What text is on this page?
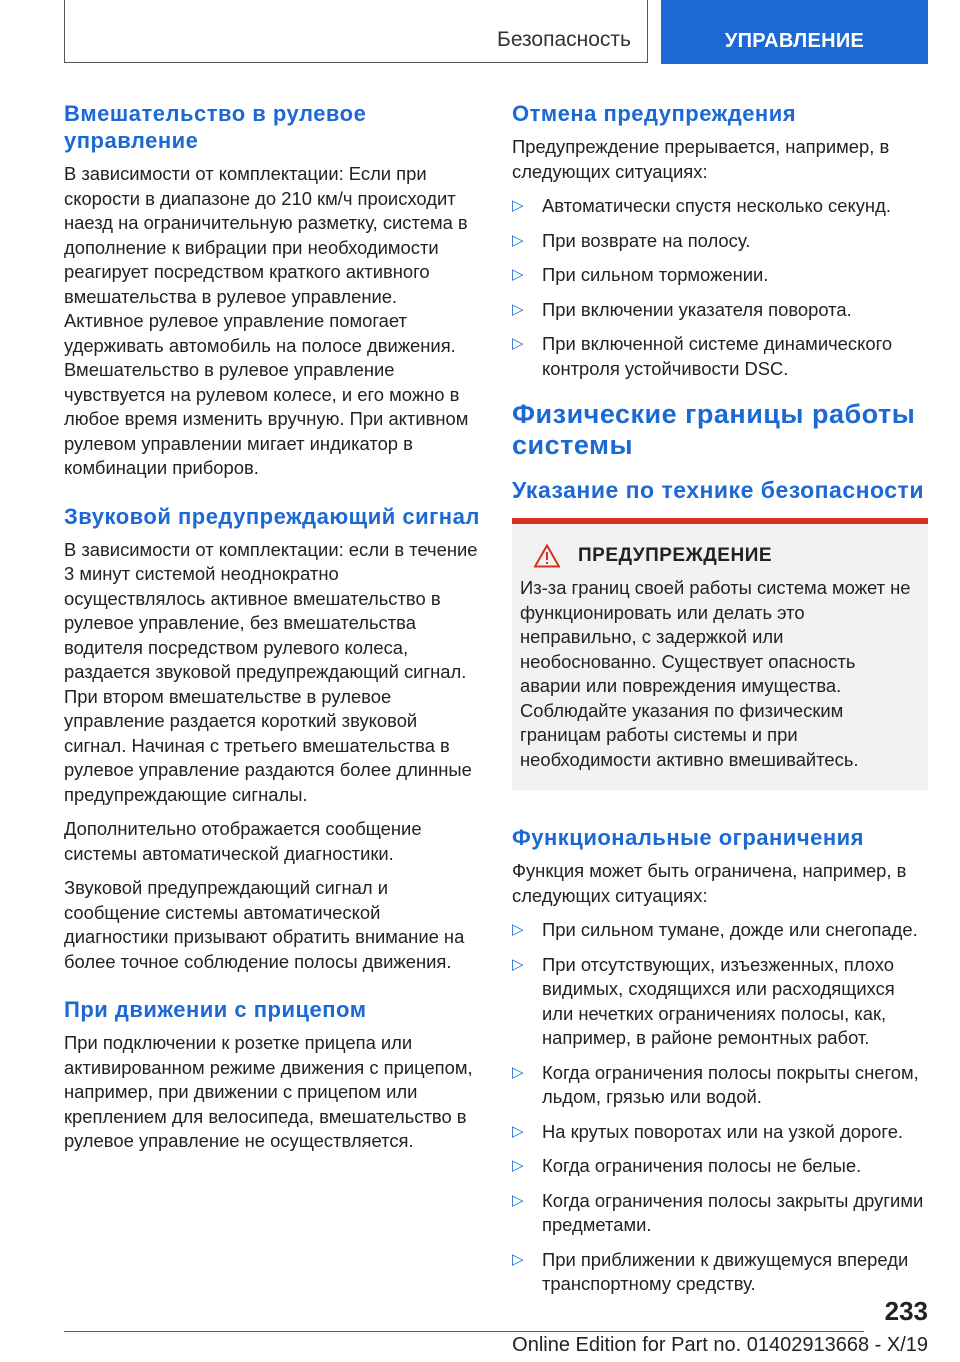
Безопасность	УПРАВЛЕНИЕ
Вмешательство в рулевое управление

В зависимости от комплектации: Если при скорости в диапазоне до 210 км/ч происходит наезд на ограничительную разметку, система в дополнение к вибрации при необходимости реагирует посредством краткого активного вмешательства в рулевое управление. Активное рулевое управление помогает удерживать автомобиль на полосе движения. Вмешательство в рулевое управление чувствуется на рулевом колесе, и его можно в любое время изменить вручную. При активном рулевом управлении мигает индикатор в комбинации приборов.

Звуковой предупреждающий сигнал

В зависимости от комплектации: если в течение 3 минут системой неоднократно осуществлялось активное вмешательство в рулевое управление, без вмешательства водителя посредством рулевого колеса, раздается звуковой предупреждающий сигнал. При втором вмешательстве в рулевое управление раздается короткий звуковой сигнал. Начиная с третьего вмешательства в рулевое управление раздаются более длинные предупреждающие сигналы.

Дополнительно отображается сообщение системы автоматической диагностики.

Звуковой предупреждающий сигнал и сообщение системы автоматической диагностики призывают обратить внимание на более точное соблюдение полосы движения.

При движении с прицепом

При подключении к розетке прицепа или активированном режиме движения с прицепом, например, при движении с прицепом или креплением для велосипеда, вмешательство в рулевое управление не осуществляется.

Отмена предупреждения

Предупреждение прерывается, например, в следующих ситуациях:

▷ Автоматически спустя несколько секунд.
▷ При возврате на полосу.
▷ При сильном торможении.
▷ При включении указателя поворота.
▷ При включенной системе динамического контроля устойчивости DSC.
Физические границы работы системы
Указание по технике безопасности
ПРЕДУПРЕЖДЕНИЕ

Из-за границ своей работы система может не функционировать или делать это неправильно, с задержкой или необоснованно. Существует опасность аварии или повреждения имущества. Соблюдайте указания по физическим границам работы системы и при необходимости активно вмешивайтесь.

Функциональные ограничения

Функция может быть ограничена, например, в следующих ситуациях:

▷ При сильном тумане, дожде или снегопаде.
▷ При отсутствующих, изъезженных, плохо видимых, сходящихся или расходящихся или нечетких ограничениях полосы, как, например, в районе ремонтных работ.
▷ Когда ограничения полосы покрыты снегом, льдом, грязью или водой.
▷ На крутых поворотах или на узкой дороге.
▷ Когда ограничения полосы не белые.
▷ Когда ограничения полосы закрыты другими предметами.
▷ При приближении к движущемуся впереди транспортному средству.
233
Online Edition for Part no. 01402913668 - X/19
